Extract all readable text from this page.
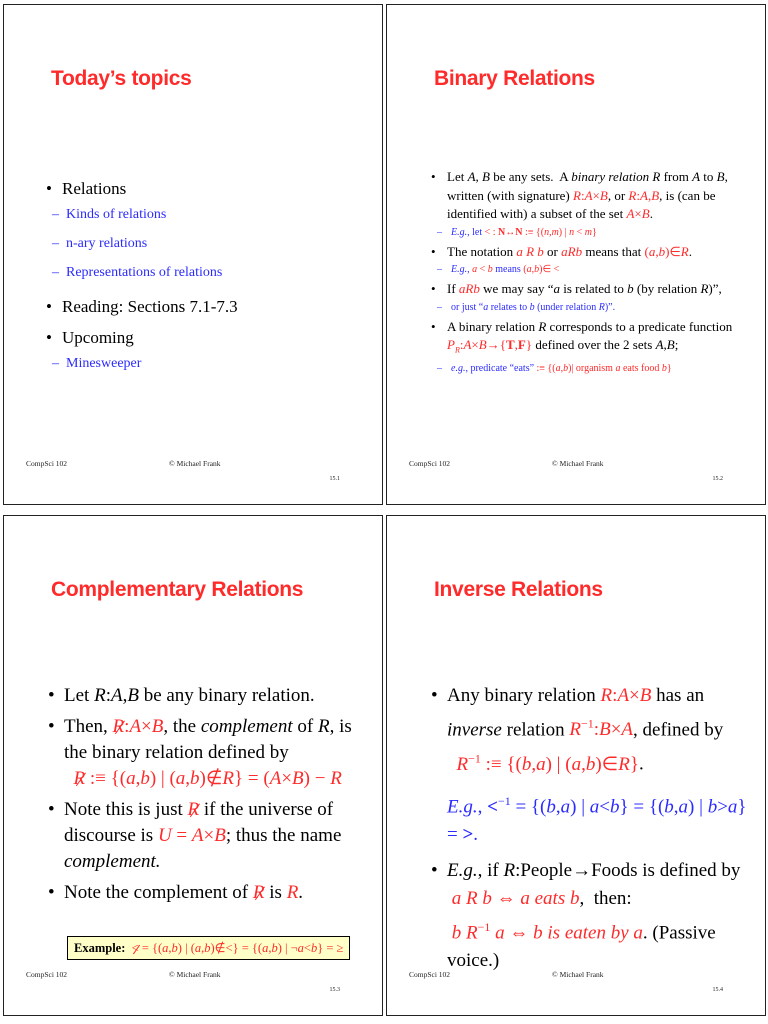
Today’s topics
• Relations
– Kinds of relations
– n-ary relations
– Representations of relations
• Reading: Sections 7.1-7.3
• Upcoming
– Minesweeper
CompSci 102	© Michael Frank
15.1
Binary Relations
• Let A, B be any sets.  A binary relation R from A to B, written (with signature) R:A×B, or R:A,B, is (can be identified with) a subset of the set A×B.
– E.g., let < : N↔N :≡ {(n,m) | n < m}
• The notation a R b or aRb means that (a,b)∈R.
– E.g., a < b means (a,b)∈ <
• If aRb we may say “a is related to b (by relation R)”,
– or just “a relates to b (under relation R)”.
• A binary relation R corresponds to a predicate function $P_R:A\times B\to\{T,F\}$ defined over the 2 sets A,B;
– e.g., predicate “eats” :≡ {(a,b)| organism a eats food b}
CompSci 102	© Michael Frank
15.2
Complementary Relations
• Let R:A,B be any binary relation.
• Then, R:A×B, the complement of R, is the binary relation defined by
R :≡ {(a,b) | (a,b)∉R} = (A×B) − R
• Note this is just R if the universe of discourse is U = A×B; thus the name complement.
• Note the complement of R is R.
Example: < = {(a,b) | (a,b)∉<} = {(a,b) | ¬a<b} = ≥
CompSci 102	© Michael Frank
15.3
Inverse Relations
• Any binary relation R:A×B has an inverse relation $R^{-1}:B\times A$, defined by
$R^{-1}$ :≡ {(b,a) | (a,b)∈R}.
E.g., <$^{-1}$ = {(b,a) | a<b} = {(b,a) | b>a} = >.
• E.g., if R:People→Foods is defined by
a R b ⇔ a eats b,  then:
b $R^{-1}$ a ⇔ b is eaten by a. (Passive voice.)
CompSci 102	© Michael Frank
15.4
